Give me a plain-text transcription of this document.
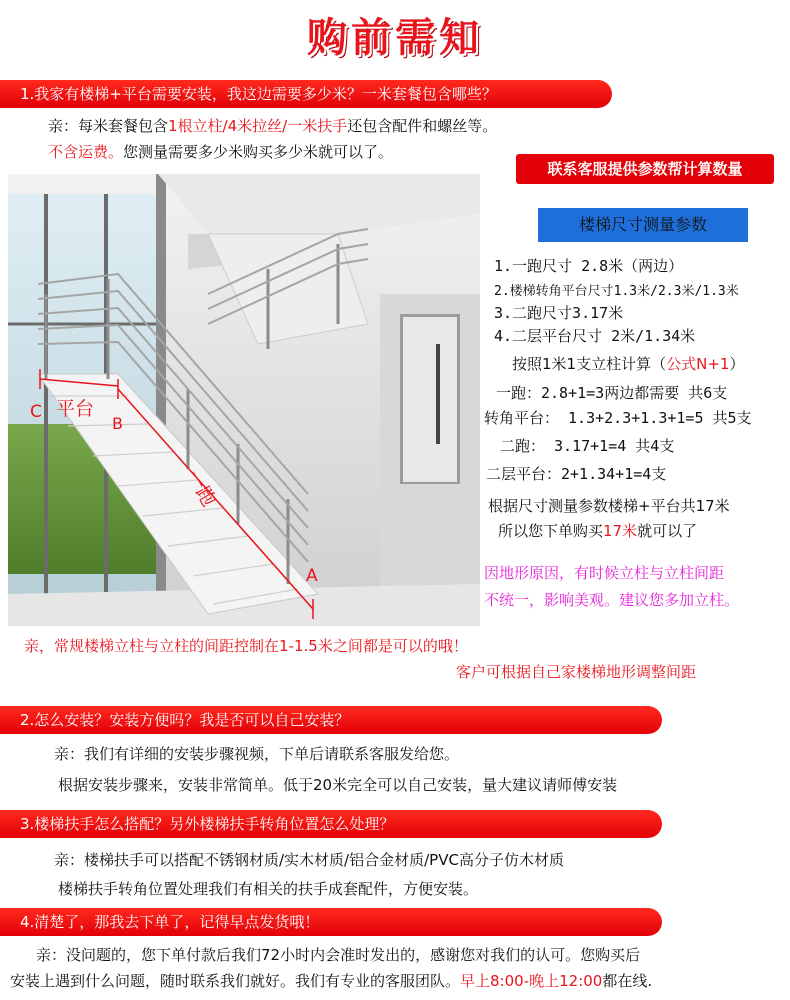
购前需知
1.我家有楼梯+平台需要安装，我这边需要多少米？一米套餐包含哪些？
亲：每米套餐包含1根立柱/4米拉丝/一米扶手还包含配件和螺丝等。
不含运费。您测量需要多少米购买多少米就可以了。
联系客服提供参数帮计算数量
C 平台
B
一跑
A
楼梯尺寸测量参数
1.一跑尺寸 2.8米（两边）
2.楼梯转角平台尺寸1.3米/2.3米/1.3米
3.二跑尺寸3.17米
4.二层平台尺寸 2米/1.34米
按照1米1支立柱计算（公式N+1）
一跑：2.8+1=3两边都需要 共6支
转角平台： 1.3+2.3+1.3+1=5 共5支
二跑： 3.17+1=4 共4支
二层平台：2+1.34+1=4支
根据尺寸测量参数楼梯+平台共17米
所以您下单购买17米就可以了
因地形原因，有时候立柱与立柱间距
不统一，影响美观。建议您多加立柱。
亲，常规楼梯立柱与立柱的间距控制在1-1.5米之间都是可以的哦！
客户可根据自己家楼梯地形调整间距
2.怎么安装？安装方便吗？我是否可以自己安装？
亲：我们有详细的安装步骤视频，下单后请联系客服发给您。
根据安装步骤来，安装非常简单。低于20米完全可以自己安装，量大建议请师傅安装
3.楼梯扶手怎么搭配？另外楼梯扶手转角位置怎么处理？
亲：楼梯扶手可以搭配不锈钢材质/实木材质/铝合金材质/PVC高分子仿木材质
楼梯扶手转角位置处理我们有相关的扶手成套配件，方便安装。
4.清楚了，那我去下单了，记得早点发货哦！
亲：没问题的，您下单付款后我们72小时内会准时发出的，感谢您对我们的认可。您购买后
安装上遇到什么问题，随时联系我们就好。我们有专业的客服团队。早上8:00-晚上12:00都在线.
